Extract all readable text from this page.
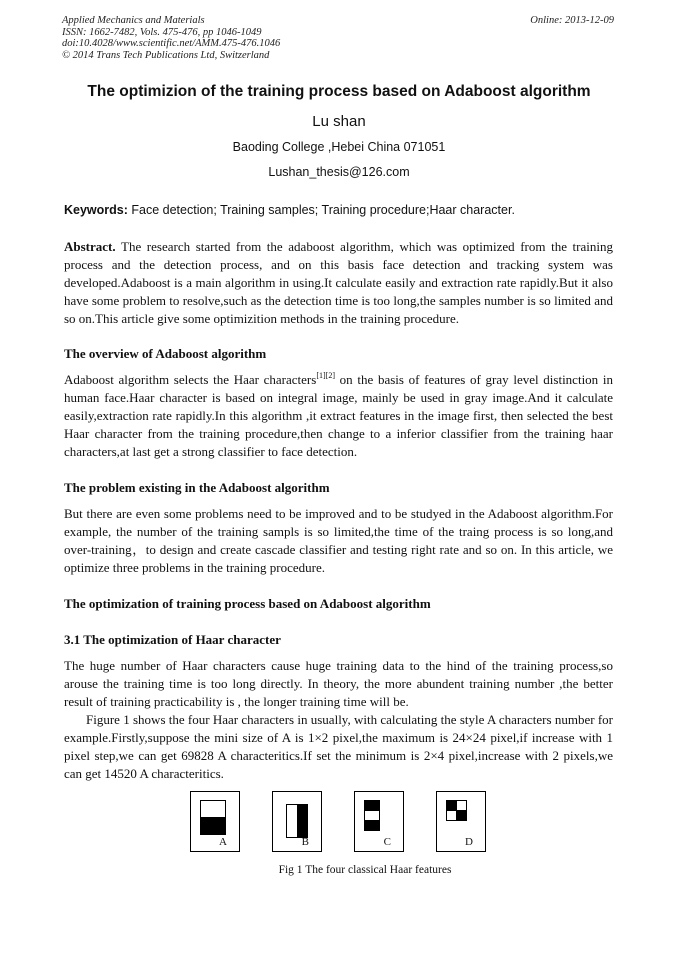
Applied Mechanics and Materials
ISSN: 1662-7482, Vols. 475-476, pp 1046-1049
doi:10.4028/www.scientific.net/AMM.475-476.1046
© 2014 Trans Tech Publications Ltd, Switzerland
Online: 2013-12-09
The optimizion of the training process based on Adaboost algorithm
Lu shan
Baoding College ,Hebei China 071051
Lushan_thesis@126.com
Keywords: Face detection; Training samples; Training procedure;Haar character.

Abstract. The research started from the adaboost algorithm, which was optimized from the training process and the detection process, and on this basis face detection and tracking system was developed.Adaboost is a main algorithm in using.It calculate easily and extraction rate rapidly.But it also have some problem to resolve,such as the detection time is too long,the samples number is so limited and so on.This article give some optimizition methods in the training procedure.

The overview of Adaboost algorithm

Adaboost algorithm selects the Haar characters[1][2] on the basis of features of gray level distinction in human face.Haar character is based on integral image, mainly be used in gray image.And it calculate easily,extraction rate rapidly.In this algorithm ,it extract features in the image first, then selected the best Haar character from the training procedure,then change to a inferior classifier from the training haar characters,at last get a strong classifier to face detection.

The problem existing in the Adaboost algorithm

But there are even some problems need to be improved and to be studyed in the Adaboost algorithm.For example, the number of the training sampls is so limited,the time of the traing process is so long,and over-training，to design and create cascade classifier and testing right rate and so on. In this article, we optimize three problems in the training procedure.

The optimization of training process based on Adaboost algorithm
3.1 The optimization of Haar character

The huge number of Haar characters cause huge training data to the hind of the training process,so arouse the training time is too long directly. In theory, the more abundent training number ,the better result of training practicability is , the longer training time will be.

Figure 1 shows the four Haar characters in usually, with calculating the style A characters number for example.Firstly,suppose the mini size of A is 1×2 pixel,the maximum is 24×24 pixel,if increase with 1 pixel step,we can get 69828 A characteritics.If set the minimum is 2×4 pixel,increase with 2 pixels,we can get 14520 A characteritics.

A	B	C	D
Fig 1 The four classical Haar features
